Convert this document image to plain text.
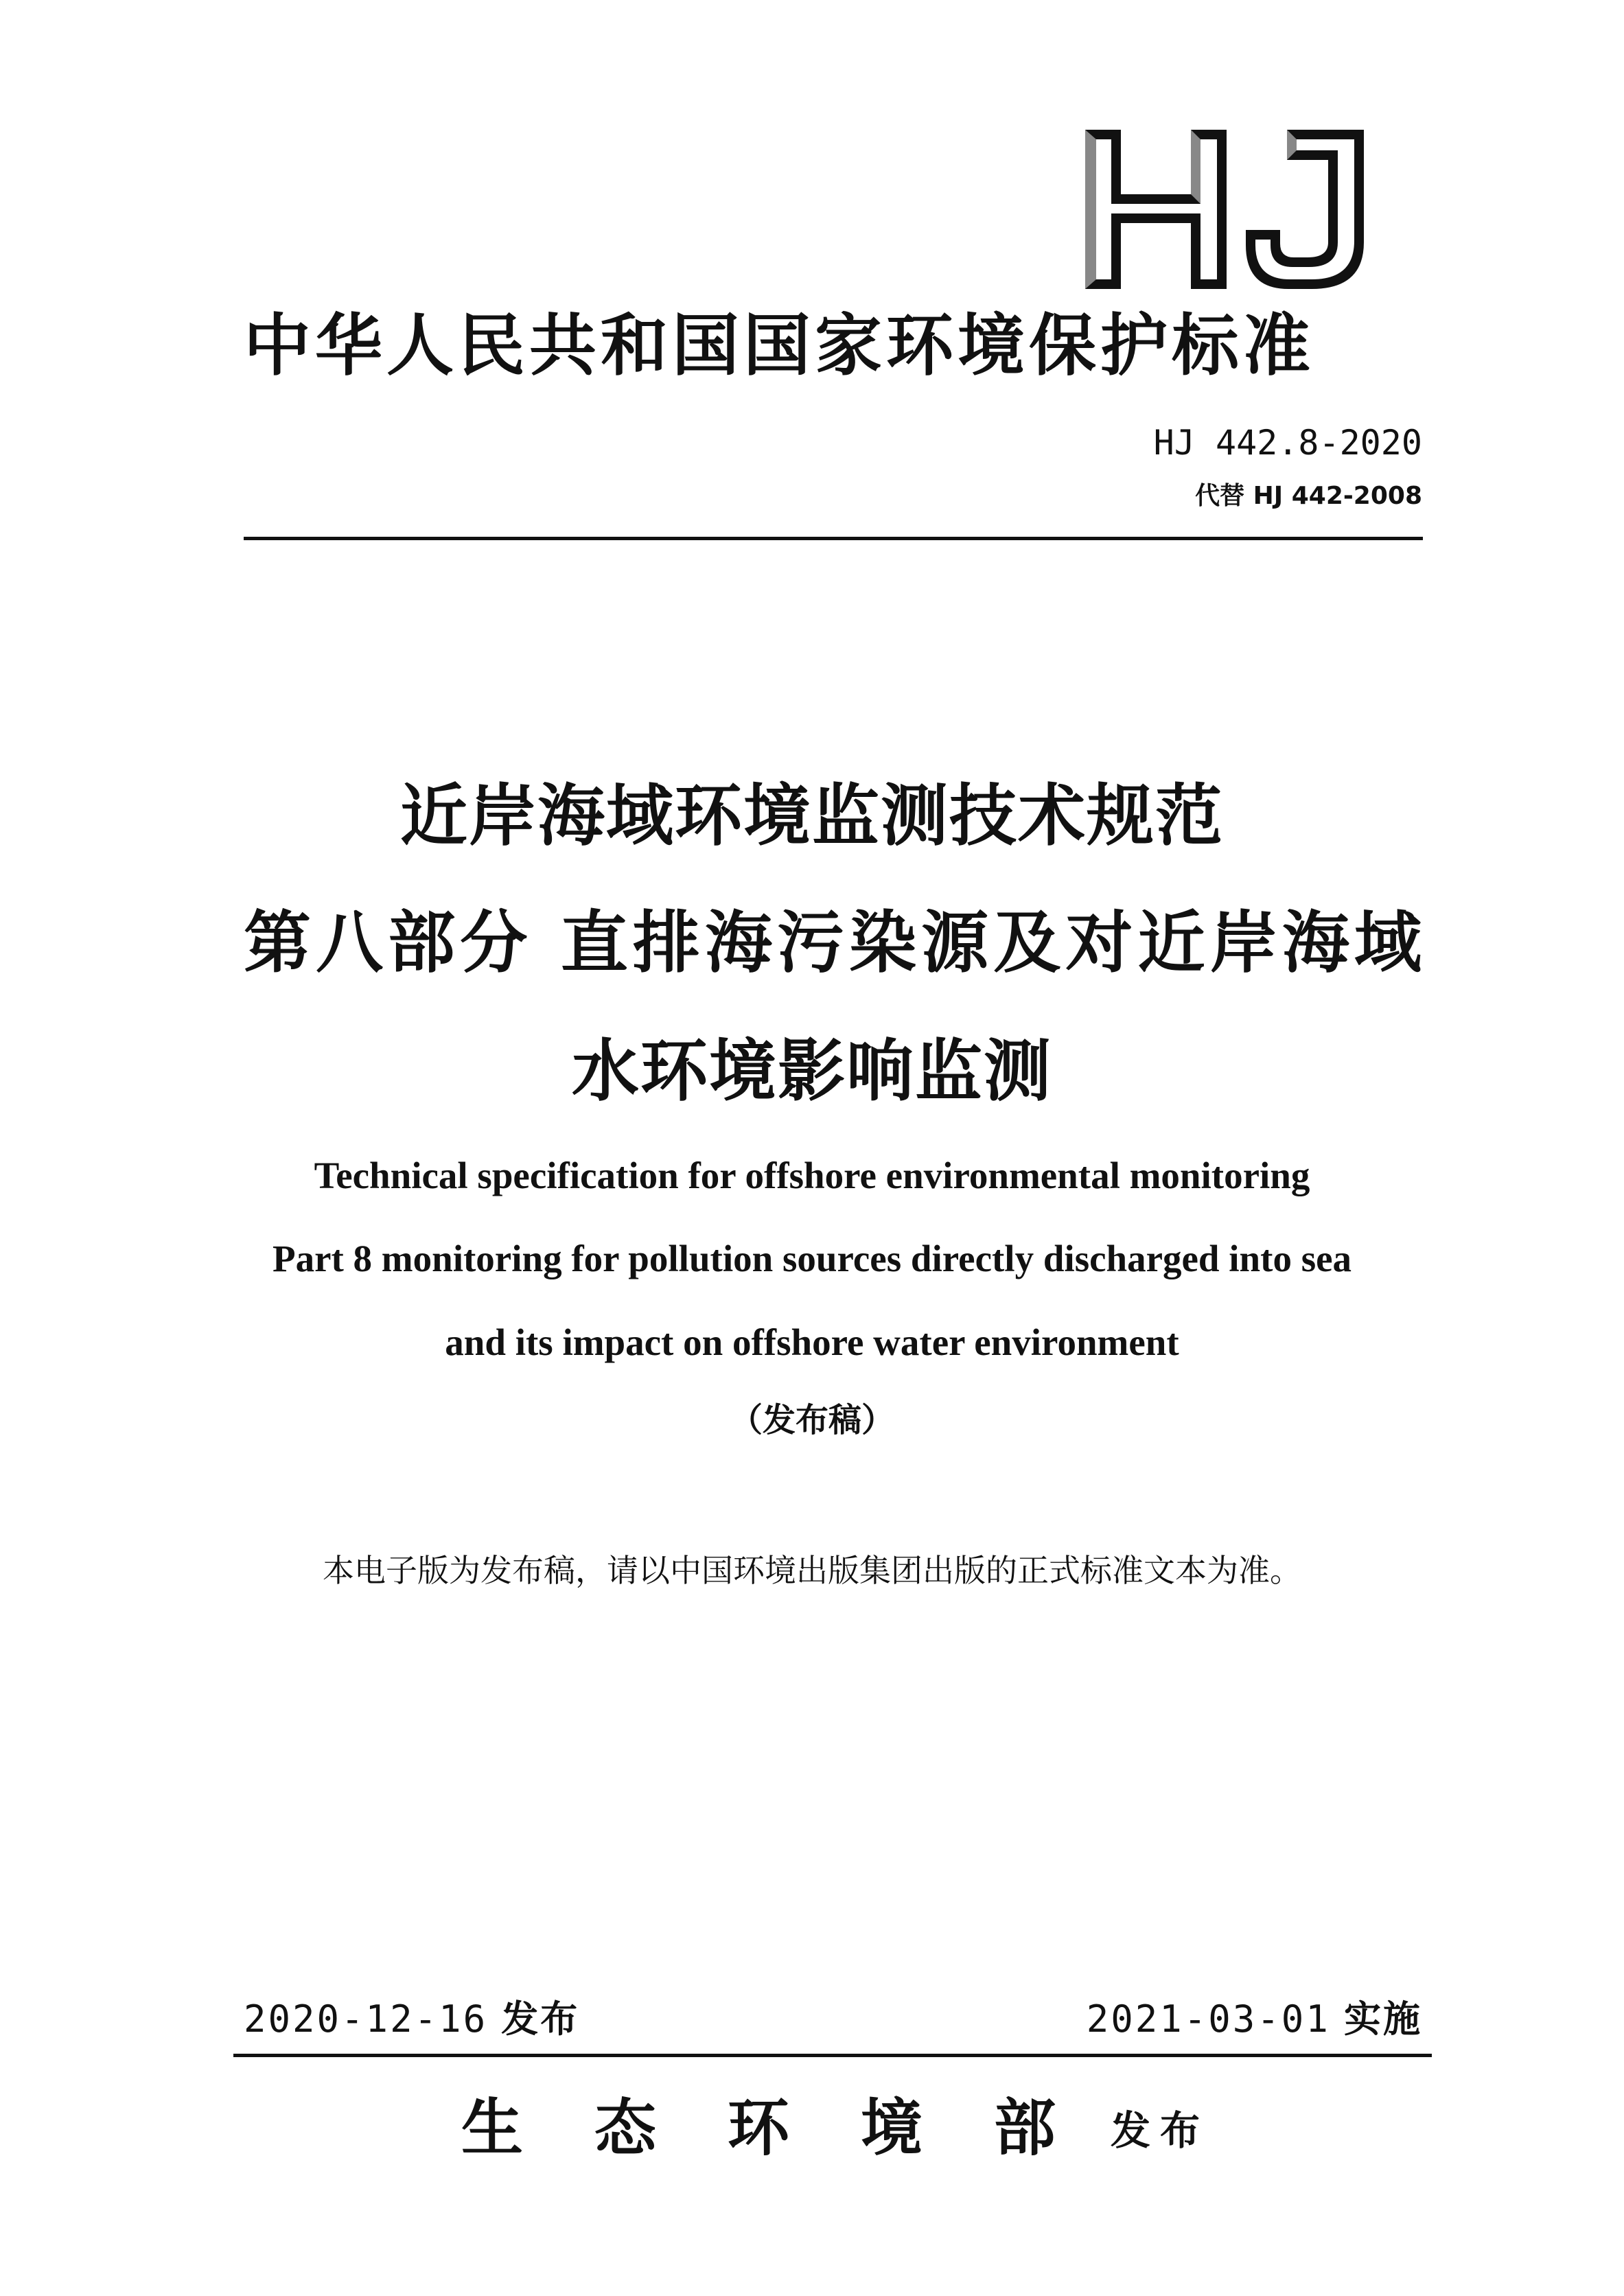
中华人民共和国国家环境保护标准
HJ 442.8-2020
代替 HJ 442-2008
近岸海域环境监测技术规范
第八部分 直排海污染源及对近岸海域
水环境影响监测
Technical specification for offshore environmental monitoring
Part 8 monitoring for pollution sources directly discharged into sea
and its impact on offshore water environment
（发布稿）
本电子版为发布稿，请以中国环境出版集团出版的正式标准文本为准。
2020-12-16 发布	2021-03-01 实施
生态环境部
发布
